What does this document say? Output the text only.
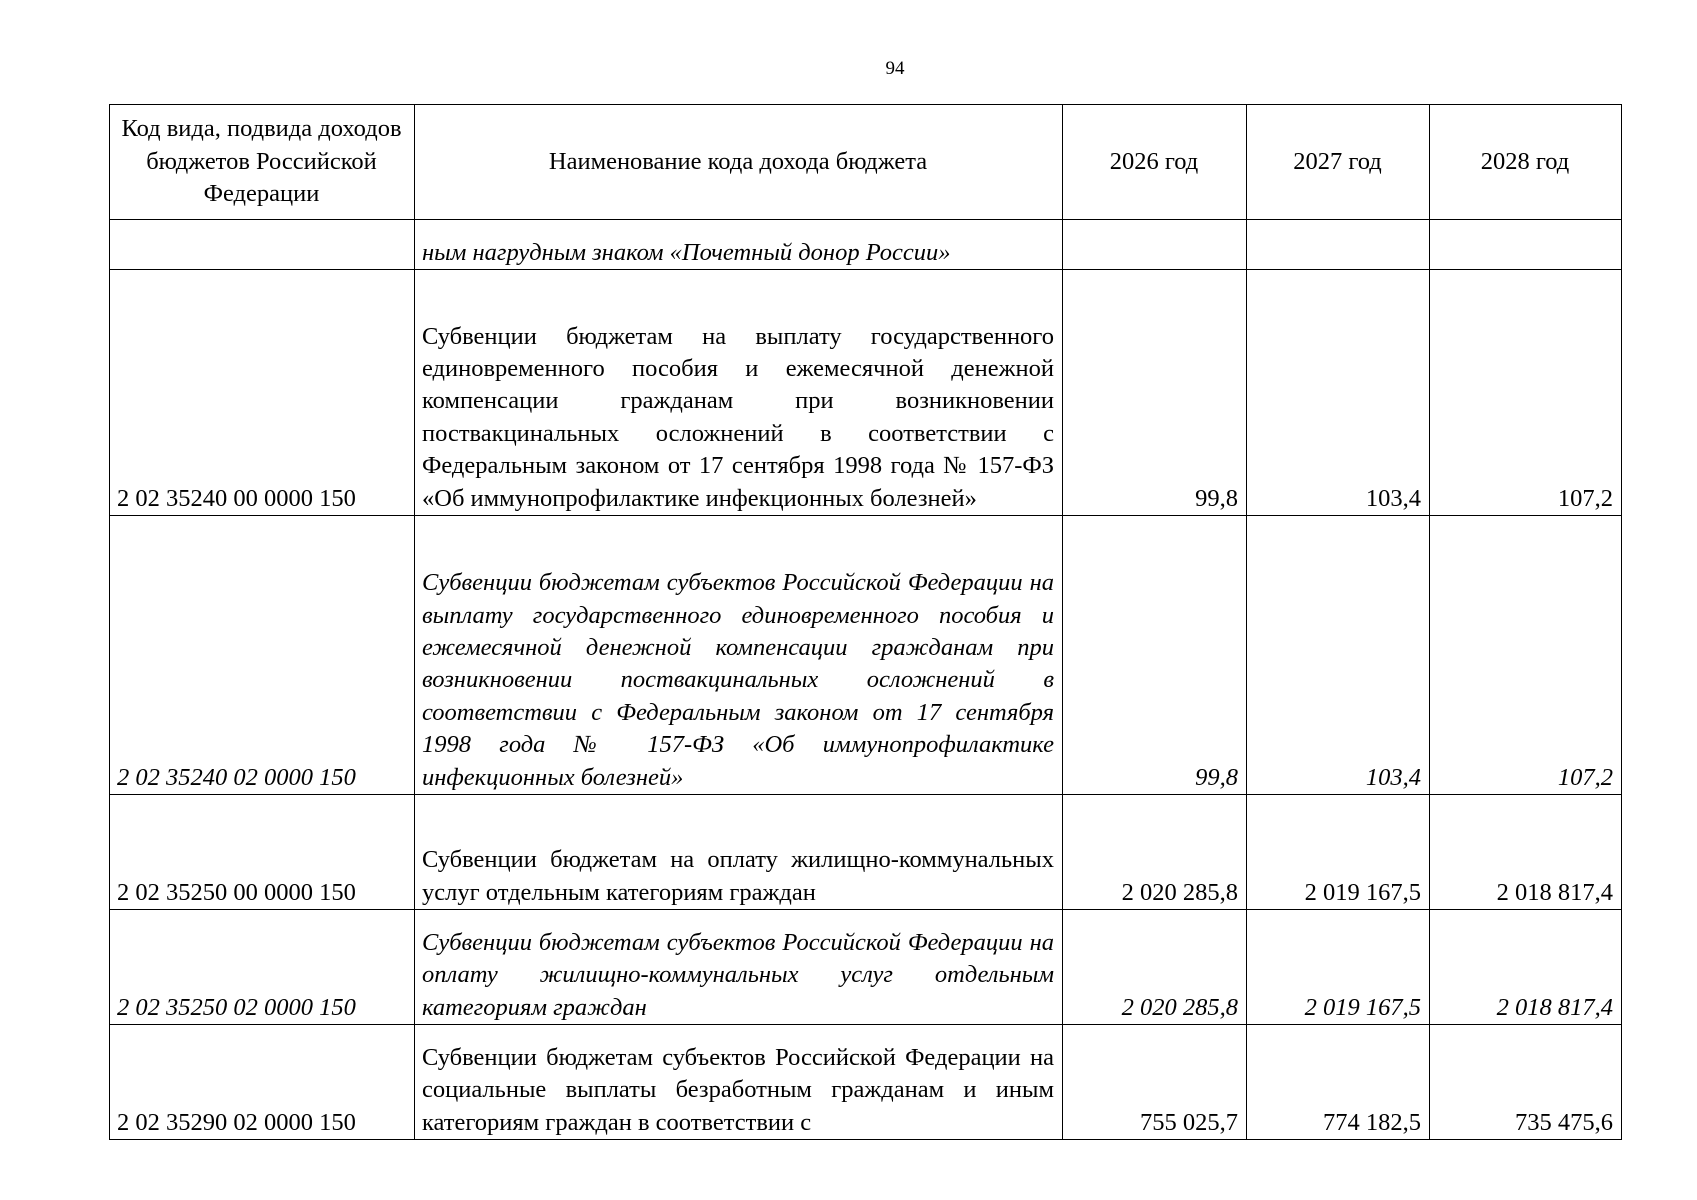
94
Код вида, подвида доходов бюджетов Российской Федерации	Наименование кода дохода бюджета	2026 год	2027 год	2028 год

	ным нагрудным знаком «Почетный донор России»			

2 02 35240 00 0000 150	Субвенции бюджетам на выплату государственного единовременного пособия и ежемесячной денежной компенсации гражданам при возникновении поствакцинальных осложнений в соответствии с Федеральным законом от 17 сентября 1998 года № 157-ФЗ «Об иммунопрофилактике инфекционных болезней»	99,8	103,4	107,2
2 02 35240 02 0000 150	Субвенции бюджетам субъектов Российской Федерации на выплату государственного единовременного пособия и ежемесячной денежной компенсации гражданам при возникновении поствакцинальных осложнений в соответствии с Федеральным законом от 17 сентября 1998 года № 157-ФЗ «Об иммунопрофилактике инфекционных болезней»	99,8	103,4	107,2
2 02 35250 00 0000 150	Субвенции бюджетам на оплату жилищно-коммунальных услуг отдельным категориям граждан	2 020 285,8	2 019 167,5	2 018 817,4
2 02 35250 02 0000 150	Субвенции бюджетам субъектов Российской Федерации на оплату жилищно-коммунальных услуг отдельным категориям граждан	2 020 285,8	2 019 167,5	2 018 817,4
2 02 35290 02 0000 150	Субвенции бюджетам субъектов Российской Федерации на социальные выплаты безработным гражданам и иным категориям граждан в соответствии с	755 025,7	774 182,5	735 475,6
